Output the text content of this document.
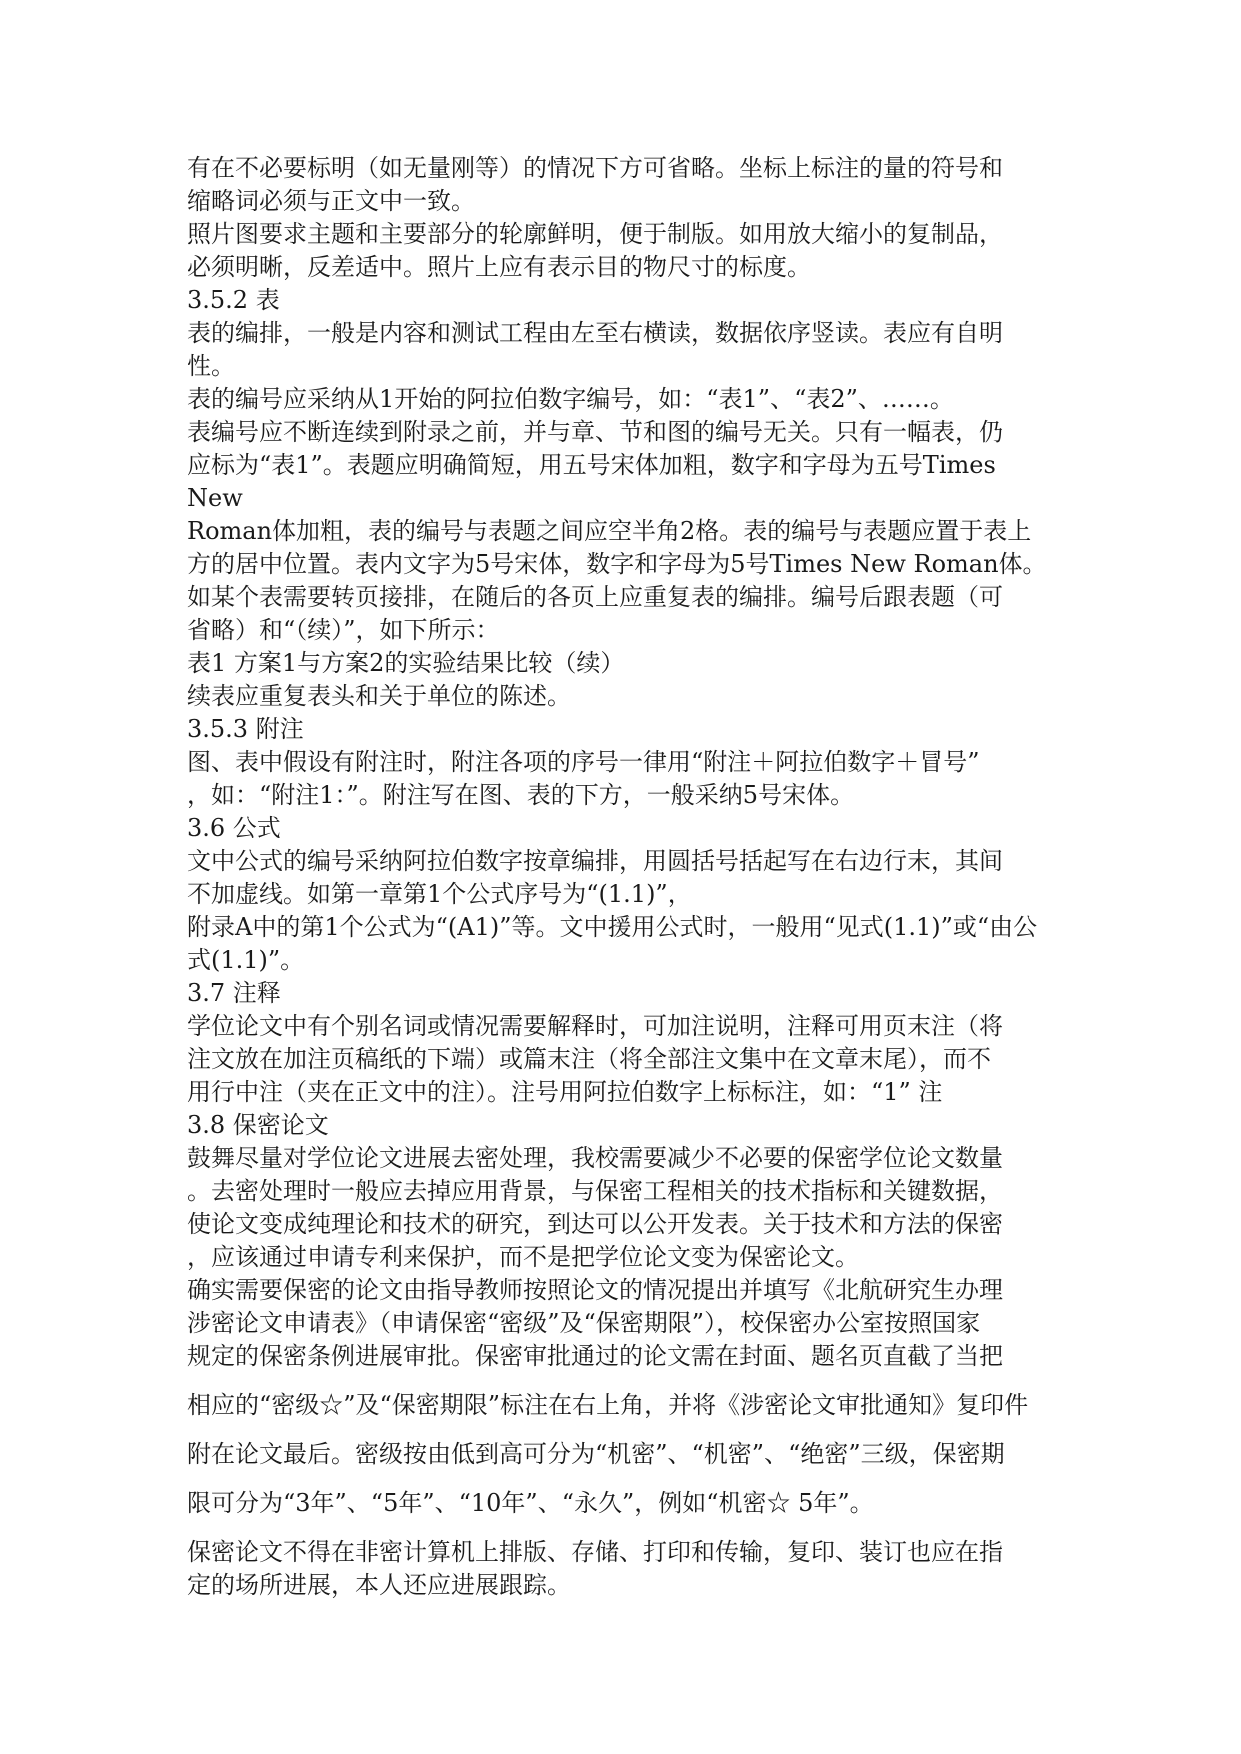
有在不必要标明（如无量刚等）的情况下方可省略。坐标上标注的量的符号和

缩略词必须与正文中一致。

照片图要求主题和主要部分的轮廓鲜明，便于制版。如用放大缩小的复制品，

必须明晰，反差适中。照片上应有表示目的物尺寸的标度。

3.5.2 表

表的编排，一般是内容和测试工程由左至右横读，数据依序竖读。表应有自明

性。

表的编号应采纳从1开始的阿拉伯数字编号，如：“表1”、“表2”、……。

表编号应不断连续到附录之前，并与章、节和图的编号无关。只有一幅表，仍

应标为“表1”。表题应明确简短，用五号宋体加粗，数字和字母为五号Times

New

Roman体加粗，表的编号与表题之间应空半角2格。表的编号与表题应置于表上

方的居中位置。表内文字为5号宋体，数字和字母为5号Times New Roman体。

如某个表需要转页接排，在随后的各页上应重复表的编排。编号后跟表题（可

省略）和“（续）”，如下所示：

表1 方案1与方案2的实验结果比较（续）

续表应重复表头和关于单位的陈述。

3.5.3 附注

图、表中假设有附注时，附注各项的序号一律用“附注＋阿拉伯数字＋冒号”

，如：“附注1：”。附注写在图、表的下方，一般采纳5号宋体。

3.6 公式

文中公式的编号采纳阿拉伯数字按章编排，用圆括号括起写在右边行末，其间

不加虚线。如第一章第1个公式序号为“(1.1)”，

附录A中的第1个公式为“(A1)”等。文中援用公式时，一般用“见式(1.1)”或“由公

式(1.1)”。

3.7 注释

学位论文中有个别名词或情况需要解释时，可加注说明，注释可用页末注（将

注文放在加注页稿纸的下端）或篇末注（将全部注文集中在文章末尾），而不

用行中注（夹在正文中的注）。注号用阿拉伯数字上标标注，如：“1” 注

3.8 保密论文

鼓舞尽量对学位论文进展去密处理，我校需要减少不必要的保密学位论文数量

。去密处理时一般应去掉应用背景，与保密工程相关的技术指标和关键数据，

使论文变成纯理论和技术的研究，到达可以公开发表。关于技术和方法的保密

，应该通过申请专利来保护，而不是把学位论文变为保密论文。

确实需要保密的论文由指导教师按照论文的情况提出并填写《北航研究生办理

涉密论文申请表》（申请保密“密级”及“保密期限”），校保密办公室按照国家

规定的保密条例进展审批。保密审批通过的论文需在封面、题名页直截了当把

相应的“密级☆”及“保密期限”标注在右上角，并将《涉密论文审批通知》复印件

附在论文最后。密级按由低到高可分为“机密”、“机密”、“绝密”三级，保密期

限可分为“3年”、“5年”、“10年”、“永久”，例如“机密☆ 5年”。

保密论文不得在非密计算机上排版、存储、打印和传输，复印、装订也应在指

定的场所进展，本人还应进展跟踪。
